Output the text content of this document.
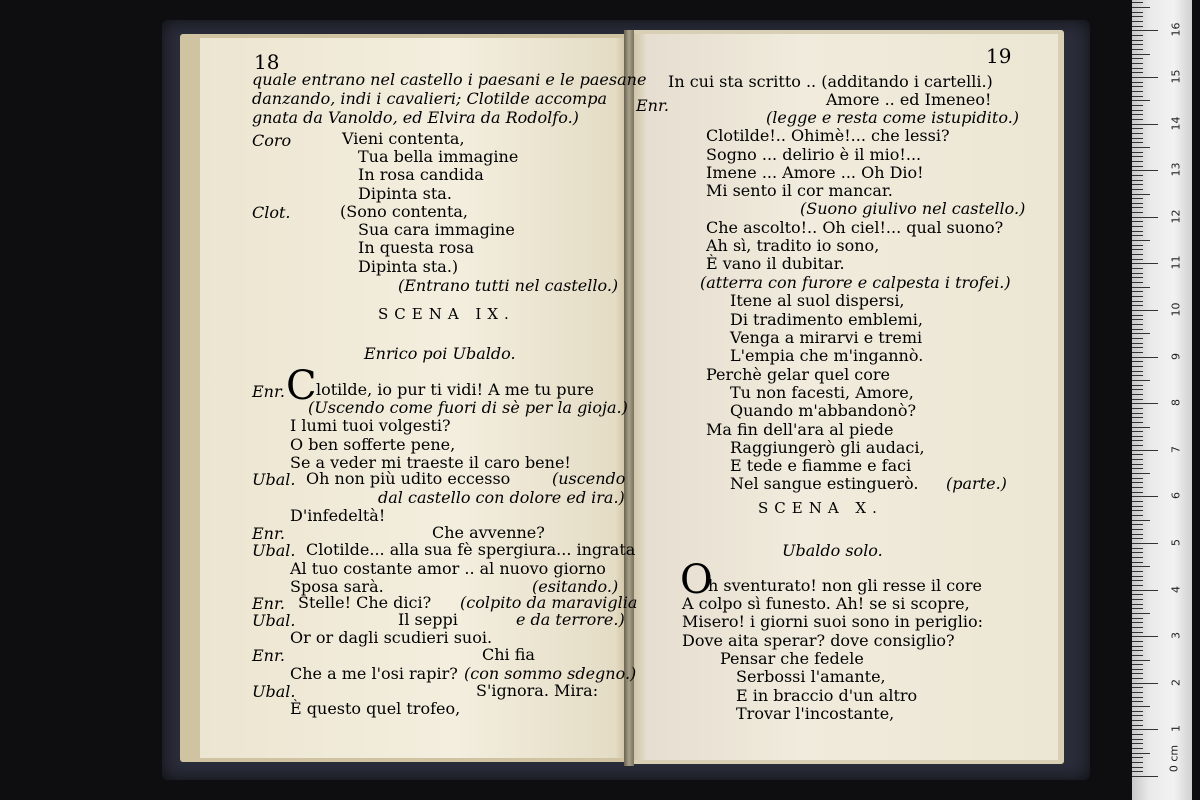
quale entrano nel castello i paesani e le paesane
danzando, indi i cavalieri; Clotilde accompa
gnata da Vanoldo, ed Elvira da Rodolfo.)
Coro	Vieni contenta,
Tua bella immagine
In rosa candida
Dipinta sta.
Clot.	(Sono contenta,
Sua cara immagine
In questa rosa
Dipinta sta.)
(Entrano tutti nel castello.)
Enrico poi Ubaldo.
Enr. lotilde, io pur ti vidi! A me tu pure
(Uscendo come fuori di sè per la gioja.)
I lumi tuoi volgesti?
O ben sofferte pene,
Se a veder mi traeste il caro bene!
Ubal. Oh non più udito eccesso	(uscendo
dal castello con dolore ed ira.)
D'infedeltà!
Enr.	Che avvenne?
Ubal. Clotilde... alla sua fè spergiura... ingrata
Al tuo costante amor .. al nuovo giorno
Sposa sarà.	(esitando.)
Enr. Stelle! Che dici? (colpito da maraviglia
Ubal.	Il seppi	e da terrore.)
Or or dagli scudieri suoi.
Enr.	Chi fia
Che a me l'osi rapir? (con sommo sdegno.)
Ubal.	S'ignora. Mira:
È questo quel trofeo,
In cui sta scritto .. (additando i cartelli.)
Enr.	Amore .. ed Imeneo!
(legge e resta come istupidito.)
Clotilde!.. Ohimè!... che lessi?
Sogno ... delirio è il mio!...
Imene ... Amore ... Oh Dio!
Mi sento il cor mancar.
(Suono giulivo nel castello.)
Che ascolto!.. Oh ciel!... qual suono?
Ah sì, tradito io sono,
È vano il dubitar.
(atterra con furore e calpesta i trofei.)
Itene al suol dispersi,
Di tradimento emblemi,
Venga a mirarvi e tremi
L'empia che m'ingannò.
Perchè gelar quel core
Tu non facesti, Amore,
Quando m'abbandonò?
Ma fin dell'ara al piede
Raggiungerò gli audaci,
E tede e fiamme e faci
Nel sangue estinguerò. (parte.)
Ubaldo solo.
h sventurato! non gli resse il core
A colpo sì funesto. Ah! se si scopre,
Misero! i giorni suoi sono in periglio:
Dove aita sperar? dove consiglio?
Pensar che fedele
Serbossi l'amante,
E in braccio d'un altro
Trovar l'incostante,
18	19
SCENA IX.
SCENA X.
C
O
0 cm
1
2
3
4
5
6
7
8
9
10
11
12
13
14
15
16
